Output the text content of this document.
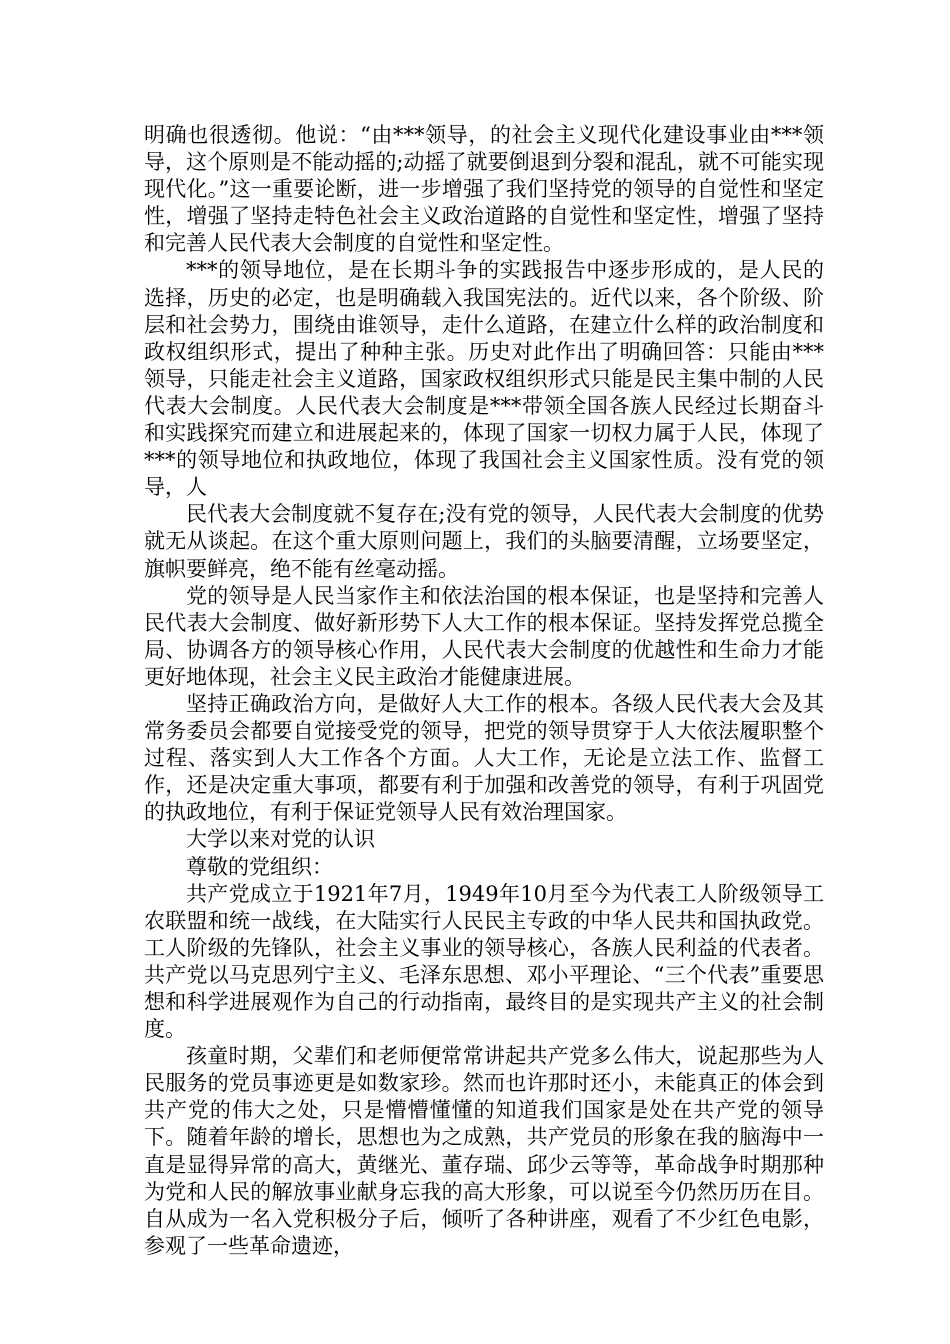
明确也很透彻。他说：“由***领导，的社会主义现代化建设事业由***领导，这个原则是不能动摇的;动摇了就要倒退到分裂和混乱，就不可能实现现代化。”这一重要论断，进一步增强了我们坚持党的领导的自觉性和坚定性，增强了坚持走特色社会主义政治道路的自觉性和坚定性，增强了坚持和完善人民代表大会制度的自觉性和坚定性。

***的领导地位，是在长期斗争的实践报告中逐步形成的，是人民的选择，历史的必定，也是明确载入我国宪法的。近代以来，各个阶级、阶层和社会势力，围绕由谁领导，走什么道路，在建立什么样的政治制度和政权组织形式，提出了种种主张。历史对此作出了明确回答：只能由***领导，只能走社会主义道路，国家政权组织形式只能是民主集中制的人民代表大会制度。人民代表大会制度是***带领全国各族人民经过长期奋斗和实践探究而建立和进展起来的，体现了国家一切权力属于人民，体现了***的领导地位和执政地位，体现了我国社会主义国家性质。没有党的领导，人

民代表大会制度就不复存在;没有党的领导，人民代表大会制度的优势就无从谈起。在这个重大原则问题上，我们的头脑要清醒，立场要坚定，旗帜要鲜亮，绝不能有丝毫动摇。

党的领导是人民当家作主和依法治国的根本保证，也是坚持和完善人民代表大会制度、做好新形势下人大工作的根本保证。坚持发挥党总揽全局、协调各方的领导核心作用，人民代表大会制度的优越性和生命力才能更好地体现，社会主义民主政治才能健康进展。

坚持正确政治方向，是做好人大工作的根本。各级人民代表大会及其常务委员会都要自觉接受党的领导，把党的领导贯穿于人大依法履职整个过程、落实到人大工作各个方面。人大工作，无论是立法工作、监督工作，还是决定重大事项，都要有利于加强和改善党的领导，有利于巩固党的执政地位，有利于保证党领导人民有效治理国家。

大学以来对党的认识

尊敬的党组织：

共产党成立于1921年7月，1949年10月至今为代表工人阶级领导工农联盟和统一战线，在大陆实行人民民主专政的中华人民共和国执政党。工人阶级的先锋队，社会主义事业的领导核心，各族人民利益的代表者。共产党以马克思列宁主义、毛泽东思想、邓小平理论、“三个代表”重要思想和科学进展观作为自己的行动指南，最终目的是实现共产主义的社会制度。

孩童时期，父辈们和老师便常常讲起共产党多么伟大，说起那些为人民服务的党员事迹更是如数家珍。然而也许那时还小，未能真正的体会到共产党的伟大之处，只是懵懵懂懂的知道我们国家是处在共产党的领导下。随着年龄的增长，思想也为之成熟，共产党员的形象在我的脑海中一直是显得异常的高大，黄继光、董存瑞、邱少云等等，革命战争时期那种为党和人民的解放事业献身忘我的高大形象，可以说至今仍然历历在目。自从成为一名入党积极分子后，倾听了各种讲座，观看了不少红色电影，参观了一些革命遗迹，
